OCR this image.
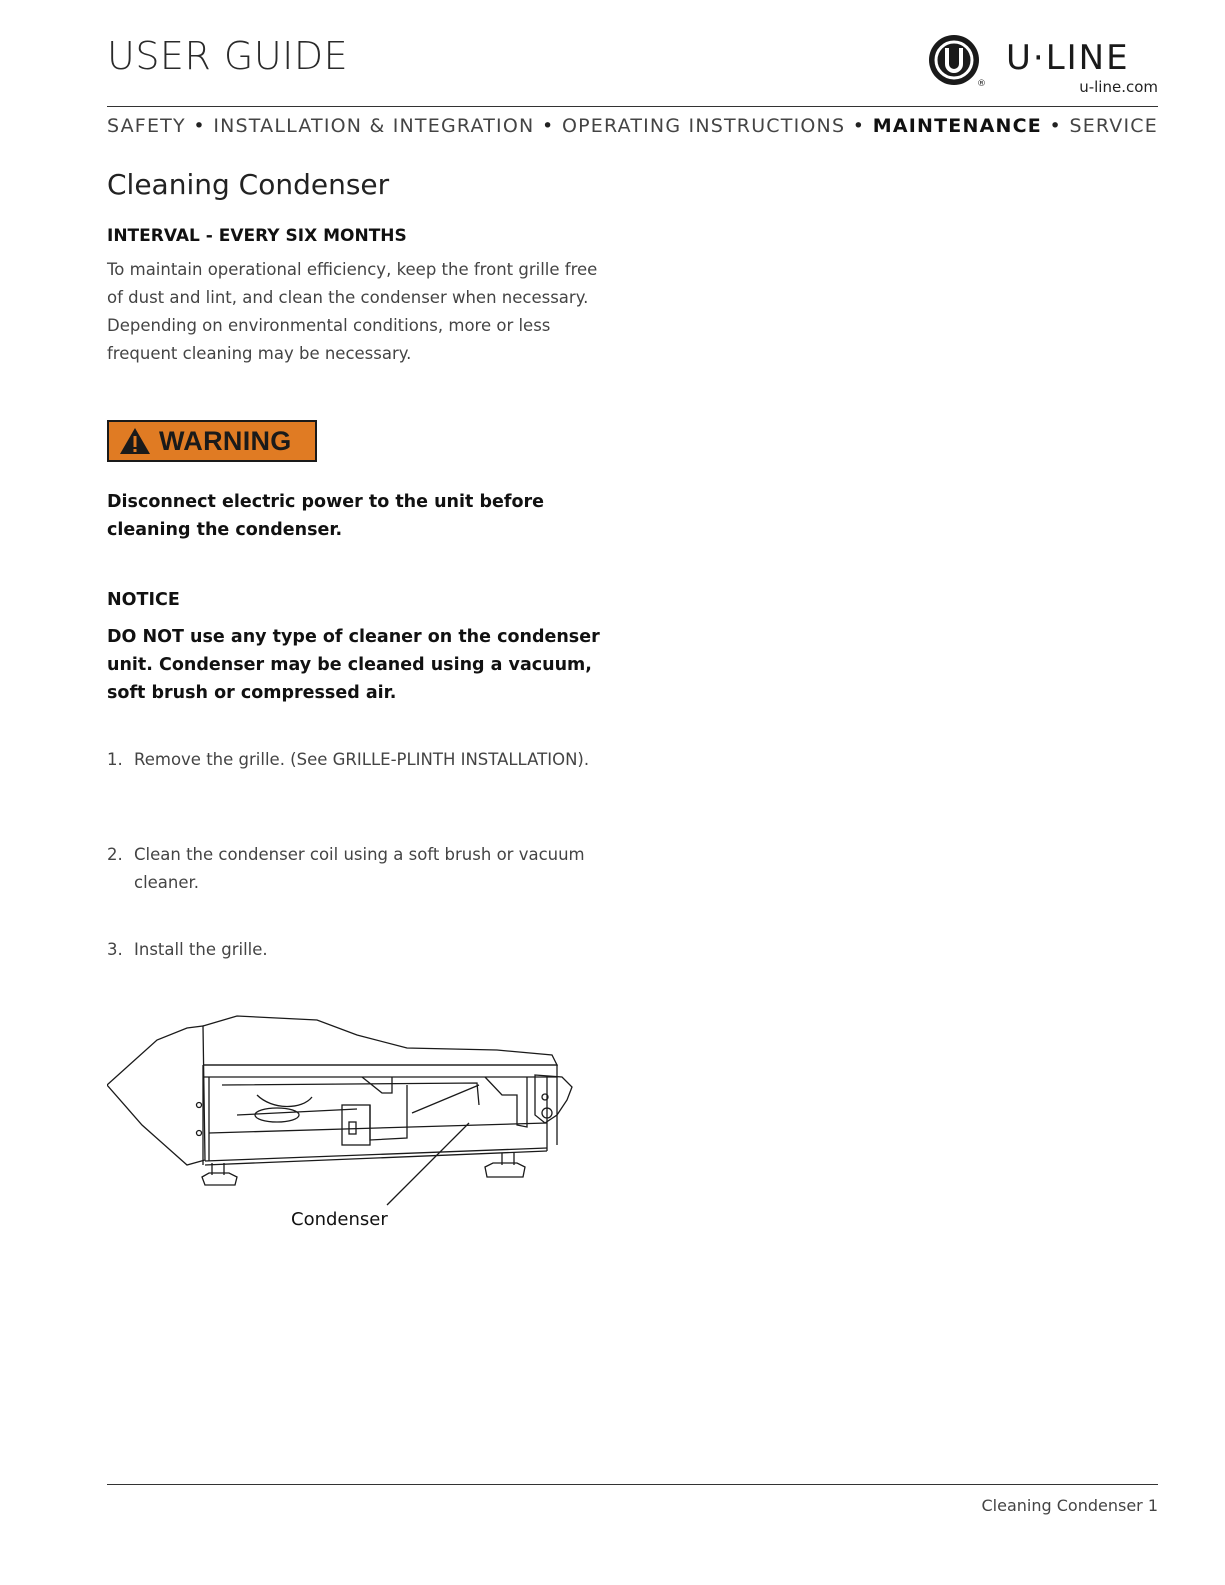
USER GUIDE
®
U·LINE
u-line.com
SAFETY • INSTALLATION & INTEGRATION • OPERATING INSTRUCTIONS • MAINTENANCE • SERVICE
Cleaning Condenser
INTERVAL - EVERY SIX MONTHS
To maintain operational efficiency, keep the front grille free of dust and lint, and clean the condenser when necessary. Depending on environmental conditions, more or less frequent cleaning may be necessary.
WARNING
Disconnect electric power to the unit before cleaning the condenser.
NOTICE
DO NOT use any type of cleaner on the condenser unit. Condenser may be cleaned using a vacuum, soft brush or compressed air.
1. Remove the grille. (See GRILLE-PLINTH INSTALLATION).
2. Clean the condenser coil using a soft brush or vacuum cleaner.
3. Install the grille.
Condenser
Cleaning Condenser 1
